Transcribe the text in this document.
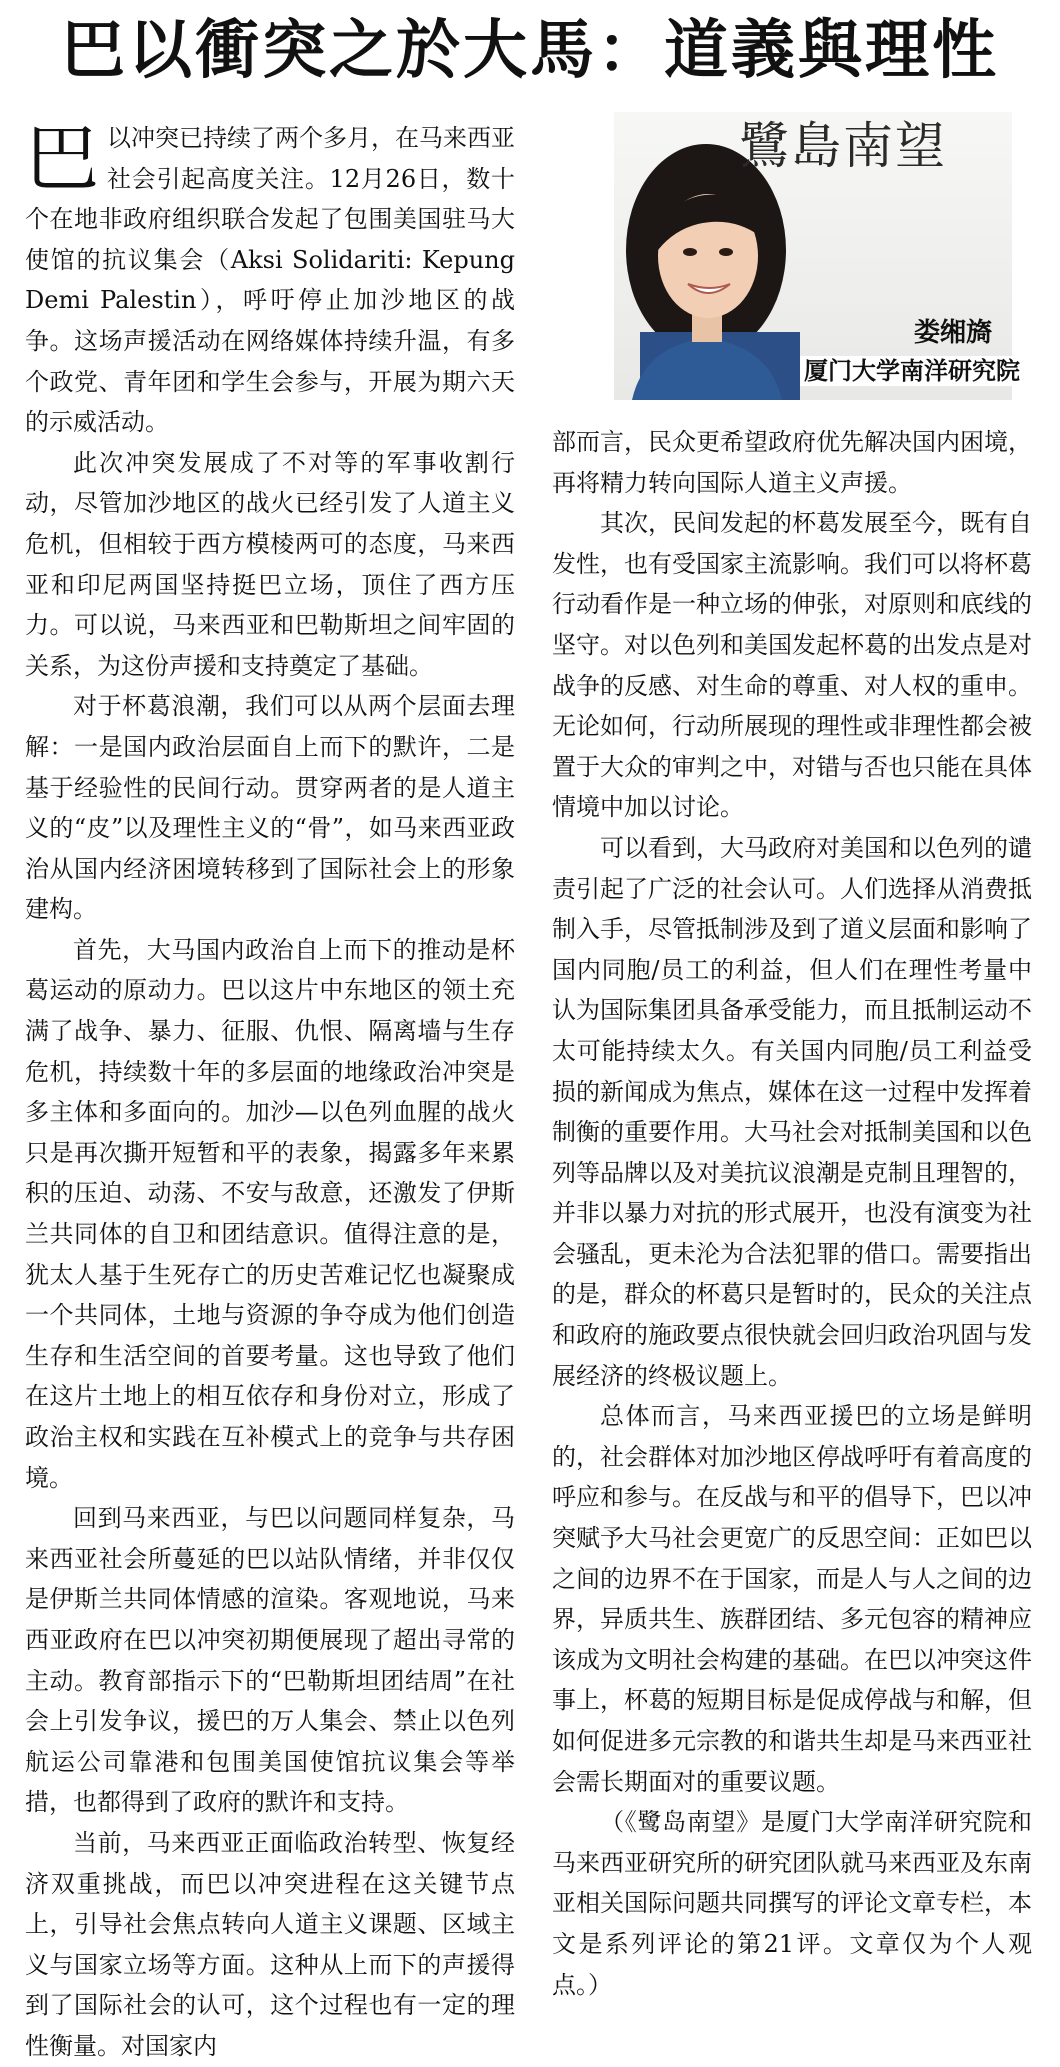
巴以衝突之於大馬：道義與理性

巴以冲突已持续了两个多月，在马来西亚社会引起高度关注。12月26日，数十个在地非政府组织联合发起了包围美国驻马大使馆的抗议集会（Aksi Solidariti: Kepung Demi Palestin），呼吁停止加沙地区的战争。这场声援活动在网络媒体持续升温，有多个政党、青年团和学生会参与，开展为期六天的示威活动。

此次冲突发展成了不对等的军事收割行动，尽管加沙地区的战火已经引发了人道主义危机，但相较于西方模棱两可的态度，马来西亚和印尼两国坚持挺巴立场，顶住了西方压力。可以说，马来西亚和巴勒斯坦之间牢固的关系，为这份声援和支持奠定了基础。

对于杯葛浪潮，我们可以从两个层面去理解：一是国内政治层面自上而下的默许，二是基于经验性的民间行动。贯穿两者的是人道主义的“皮”以及理性主义的“骨”，如马来西亚政治从国内经济困境转移到了国际社会上的形象建构。

首先，大马国内政治自上而下的推动是杯葛运动的原动力。巴以这片中东地区的领土充满了战争、暴力、征服、仇恨、隔离墙与生存危机，持续数十年的多层面的地缘政治冲突是多主体和多面向的。加沙—以色列血腥的战火只是再次撕开短暂和平的表象，揭露多年来累积的压迫、动荡、不安与敌意，还激发了伊斯兰共同体的自卫和团结意识。值得注意的是，犹太人基于生死存亡的历史苦难记忆也凝聚成一个共同体，土地与资源的争夺成为他们创造生存和生活空间的首要考量。这也导致了他们在这片土地上的相互依存和身份对立，形成了政治主权和实践在互补模式上的竞争与共存困境。

回到马来西亚，与巴以问题同样复杂，马来西亚社会所蔓延的巴以站队情绪，并非仅仅是伊斯兰共同体情感的渲染。客观地说，马来西亚政府在巴以冲突初期便展现了超出寻常的主动。教育部指示下的“巴勒斯坦团结周”在社会上引发争议，援巴的万人集会、禁止以色列航运公司靠港和包围美国使馆抗议集会等举措，也都得到了政府的默许和支持。

当前，马来西亚正面临政治转型、恢复经济双重挑战，而巴以冲突进程在这关键节点上，引导社会焦点转向人道主义课题、区域主义与国家立场等方面。这种从上而下的声援得到了国际社会的认可，这个过程也有一定的理性衡量。对国家内

鷺島南望
娄缃旖
厦门大学南洋研究院

部而言，民众更希望政府优先解决国内困境，再将精力转向国际人道主义声援。

其次，民间发起的杯葛发展至今，既有自发性，也有受国家主流影响。我们可以将杯葛行动看作是一种立场的伸张，对原则和底线的坚守。对以色列和美国发起杯葛的出发点是对战争的反感、对生命的尊重、对人权的重申。无论如何，行动所展现的理性或非理性都会被置于大众的审判之中，对错与否也只能在具体情境中加以讨论。

可以看到，大马政府对美国和以色列的谴责引起了广泛的社会认可。人们选择从消费抵制入手，尽管抵制涉及到了道义层面和影响了国内同胞/员工的利益，但人们在理性考量中认为国际集团具备承受能力，而且抵制运动不太可能持续太久。有关国内同胞/员工利益受损的新闻成为焦点，媒体在这一过程中发挥着制衡的重要作用。大马社会对抵制美国和以色列等品牌以及对美抗议浪潮是克制且理智的，并非以暴力对抗的形式展开，也没有演变为社会骚乱，更未沦为合法犯罪的借口。需要指出的是，群众的杯葛只是暂时的，民众的关注点和政府的施政要点很快就会回归政治巩固与发展经济的终极议题上。

总体而言，马来西亚援巴的立场是鲜明的，社会群体对加沙地区停战呼吁有着高度的呼应和参与。在反战与和平的倡导下，巴以冲突赋予大马社会更宽广的反思空间：正如巴以之间的边界不在于国家，而是人与人之间的边界，异质共生、族群团结、多元包容的精神应该成为文明社会构建的基础。在巴以冲突这件事上，杯葛的短期目标是促成停战与和解，但如何促进多元宗教的和谐共生却是马来西亚社会需长期面对的重要议题。

（《鹭岛南望》是厦门大学南洋研究院和马来西亚研究所的研究团队就马来西亚及东南亚相关国际问题共同撰写的评论文章专栏，本文是系列评论的第21评。文章仅为个人观点。）
